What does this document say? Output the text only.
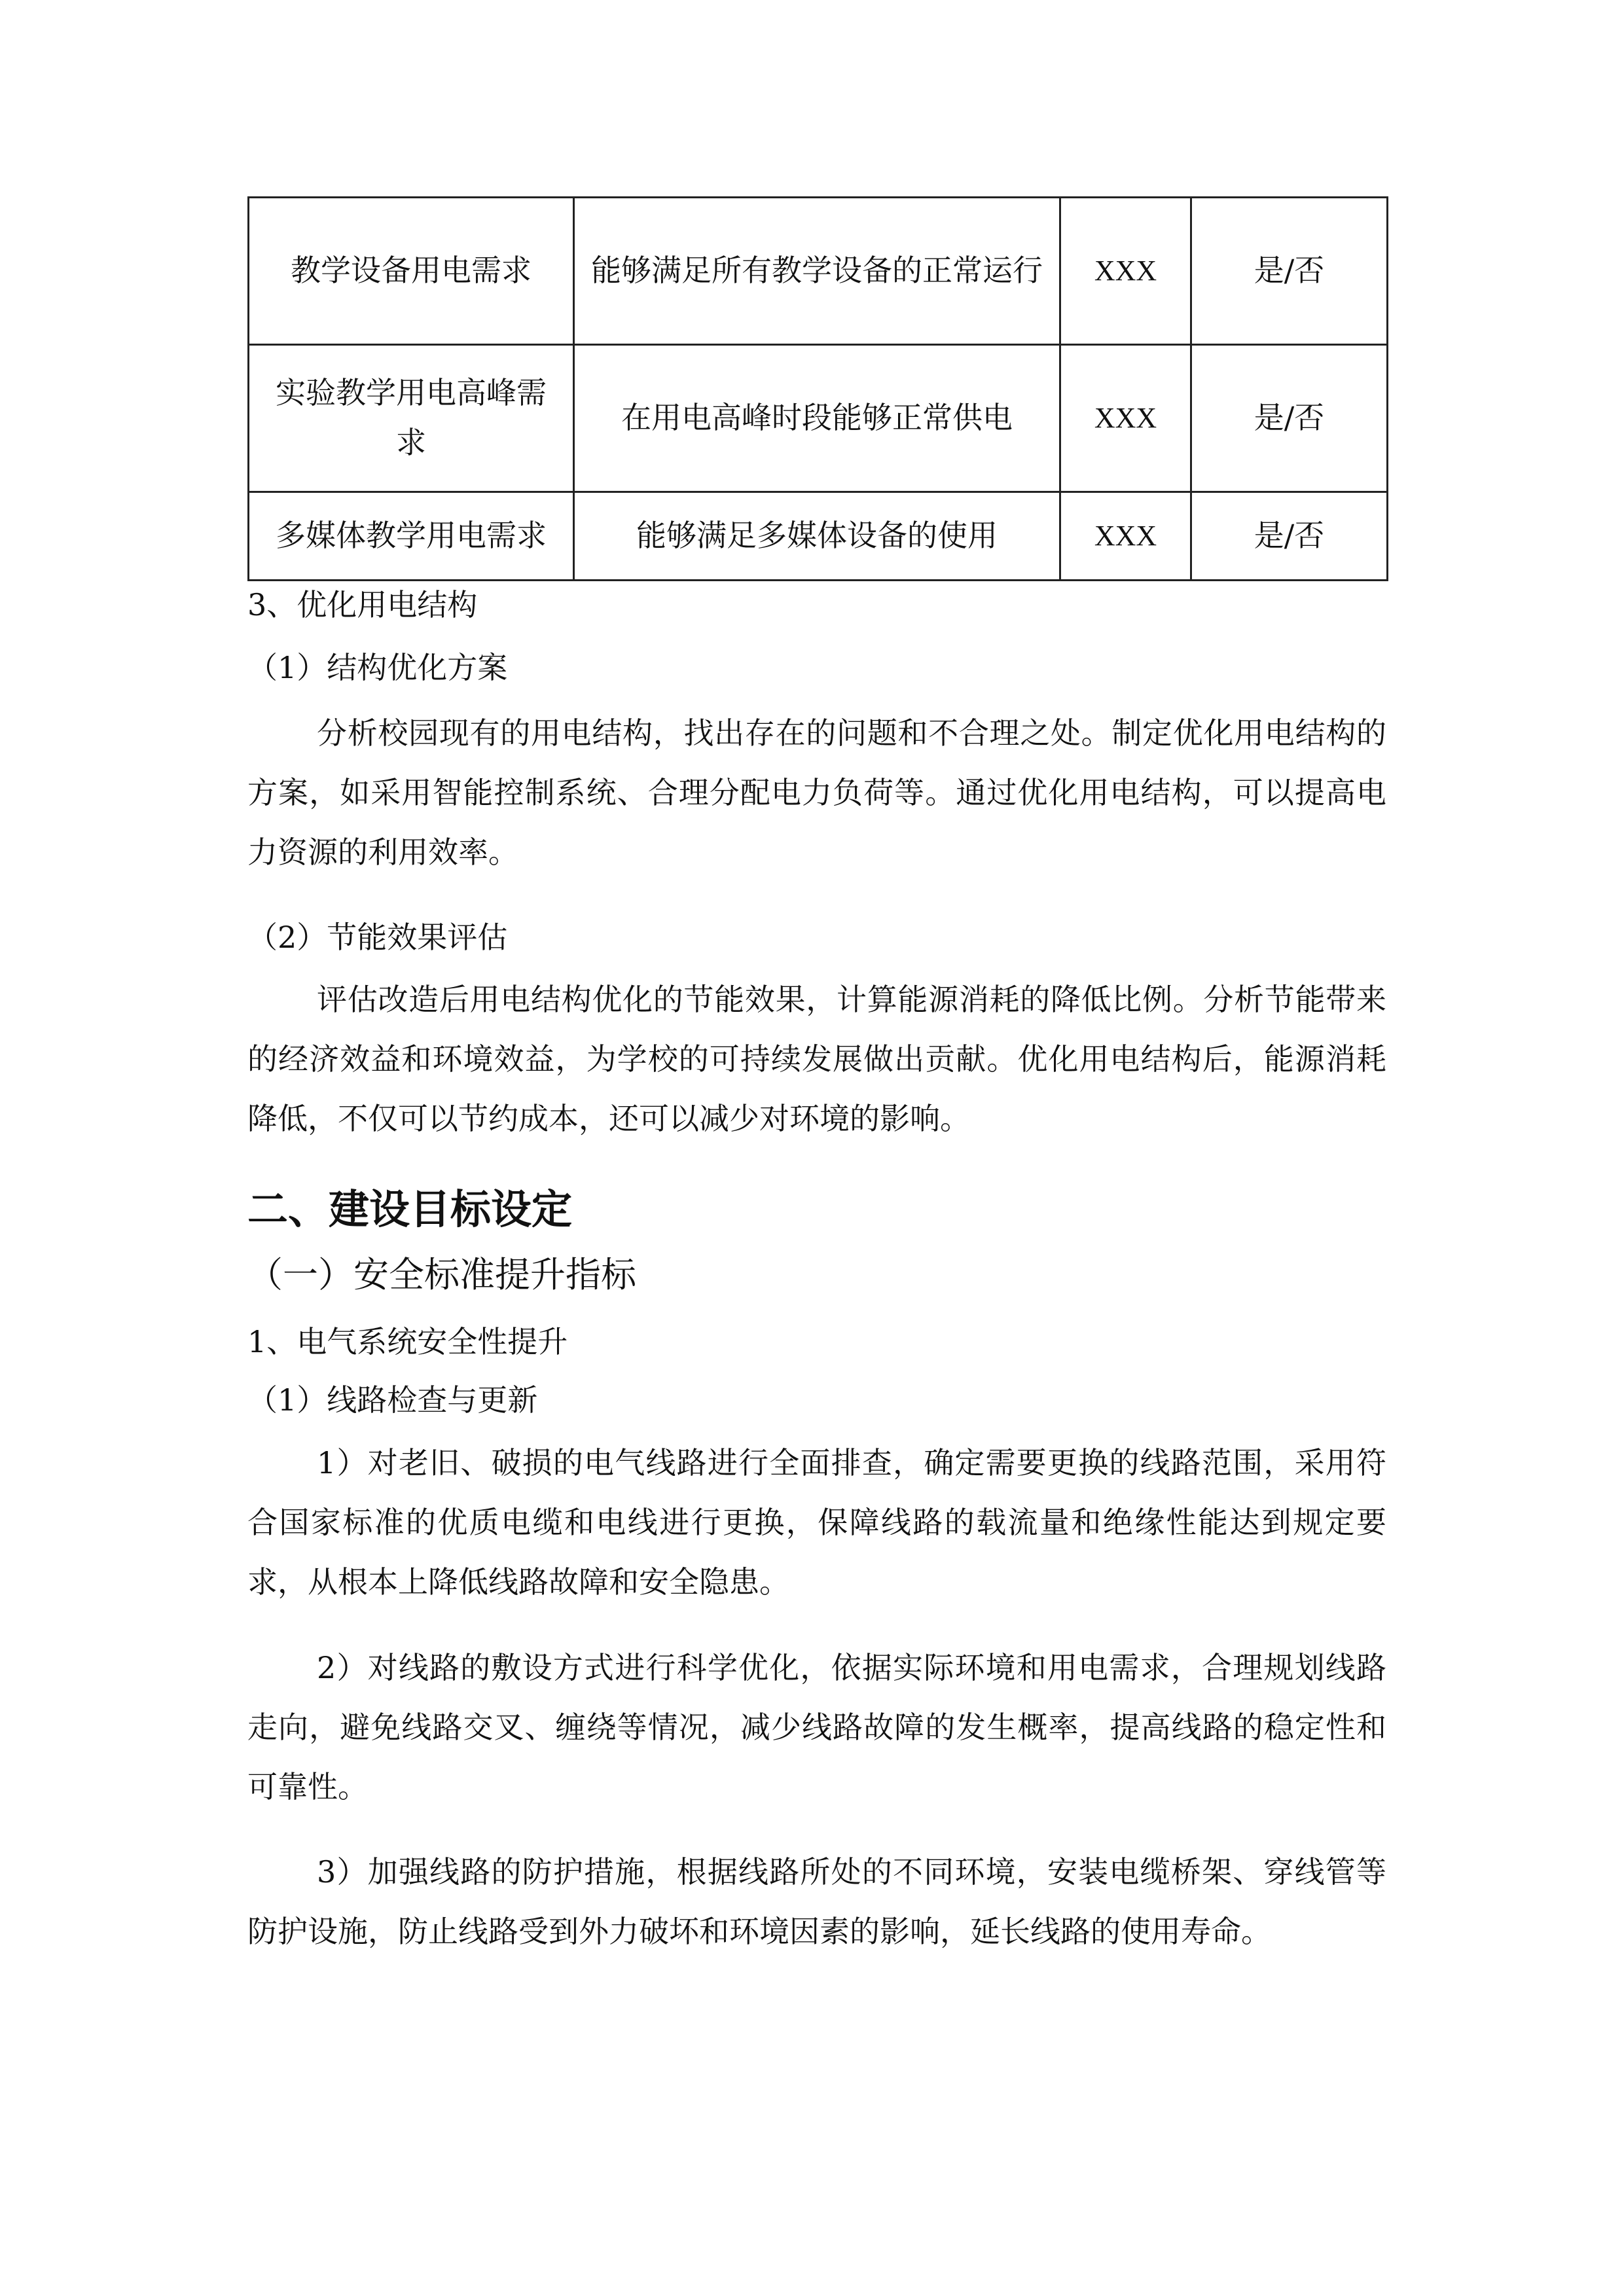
教学设备用电需求	能够满足所有教学设备的正常运行	XXX	是/否
实验教学用电高峰需求	在用电高峰时段能够正常供电	XXX	是/否
多媒体教学用电需求	能够满足多媒体设备的使用	XXX	是/否
3、优化用电结构
（1）结构优化方案
分析校园现有的用电结构，找出存在的问题和不合理之处。制定优化用电结构的方案，如采用智能控制系统、合理分配电力负荷等。通过优化用电结构，可以提高电力资源的利用效率。
（2）节能效果评估
评估改造后用电结构优化的节能效果，计算能源消耗的降低比例。分析节能带来的经济效益和环境效益，为学校的可持续发展做出贡献。优化用电结构后，能源消耗降低，不仅可以节约成本，还可以减少对环境的影响。
二、建设目标设定
（一）安全标准提升指标
1、电气系统安全性提升
（1）线路检查与更新
1）对老旧、破损的电气线路进行全面排查，确定需要更换的线路范围，采用符合国家标准的优质电缆和电线进行更换，保障线路的载流量和绝缘性能达到规定要求，从根本上降低线路故障和安全隐患。
2）对线路的敷设方式进行科学优化，依据实际环境和用电需求，合理规划线路走向，避免线路交叉、缠绕等情况，减少线路故障的发生概率，提高线路的稳定性和可靠性。
3）加强线路的防护措施，根据线路所处的不同环境，安装电缆桥架、穿线管等防护设施，防止线路受到外力破坏和环境因素的影响，延长线路的使用寿命。
